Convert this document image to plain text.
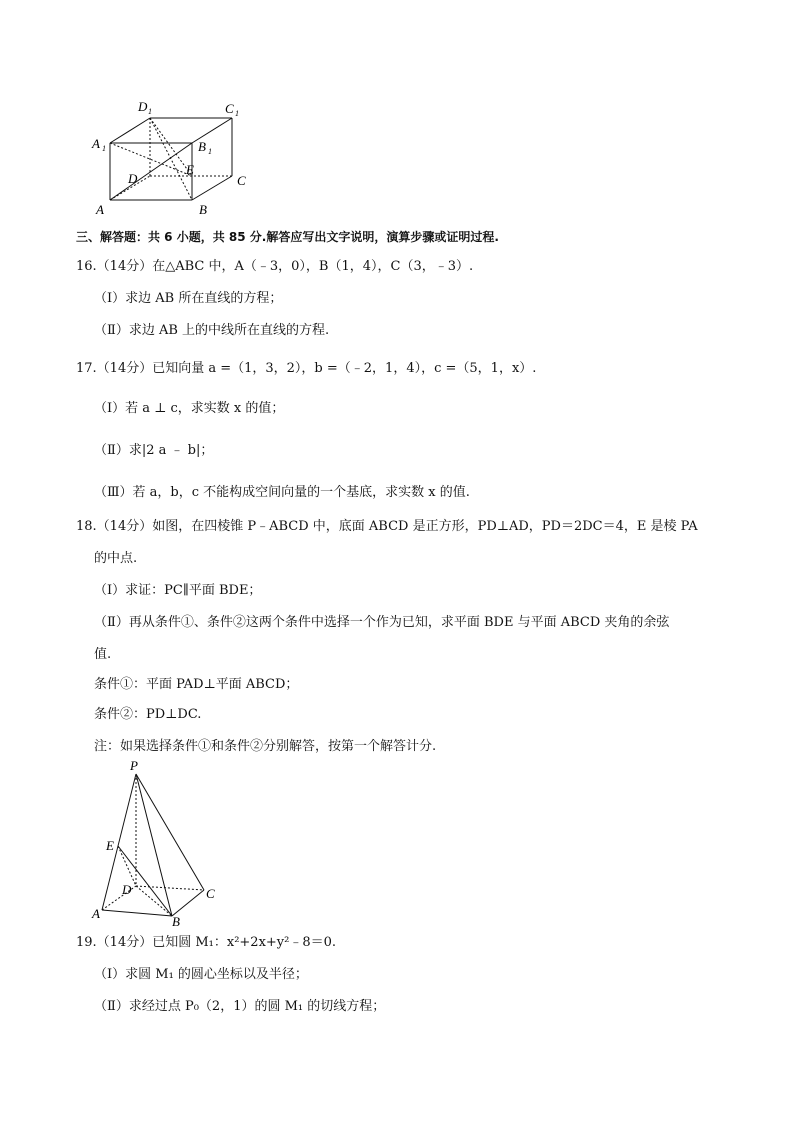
D 1	C 1
A 1	B 1
E
C
D
A	B
三、解答题：共 6 小题，共 85 分.解答应写出文字说明，演算步骤或证明过程.
16.（14分）在△ABC 中，A（﹣3，0），B（1，4），C（3，﹣3）.
（Ⅰ）求边 AB 所在直线的方程；
（Ⅱ）求边 AB 上的中线所在直线的方程.
17.（14分）已知向量 a =（1，3，2），b =（﹣2，1，4），c =（5，1，x）.
（Ⅰ）若 a ⊥ c，求实数 x 的值；
（Ⅱ）求|2 a ﹣ b|；
（Ⅲ）若 a，b，c 不能构成空间向量的一个基底，求实数 x 的值.
18.（14分）如图，在四棱锥 P﹣ABCD 中，底面 ABCD 是正方形，PD⊥AD，PD＝2DC＝4，E 是棱 PA
的中点.
（Ⅰ）求证：PC∥平面 BDE；
（Ⅱ）再从条件①、条件②这两个条件中选择一个作为已知，求平面 BDE 与平面 ABCD 夹角的余弦
值.
条件①：平面 PAD⊥平面 ABCD；
条件②：PD⊥DC.
注：如果选择条件①和条件②分别解答，按第一个解答计分.
P
E
D	C
A
B
19.（14分）已知圆 M₁：x²+2x+y²﹣8＝0.
（Ⅰ）求圆 M₁ 的圆心坐标以及半径；
（Ⅱ）求经过点 P₀（2，1）的圆 M₁ 的切线方程；
